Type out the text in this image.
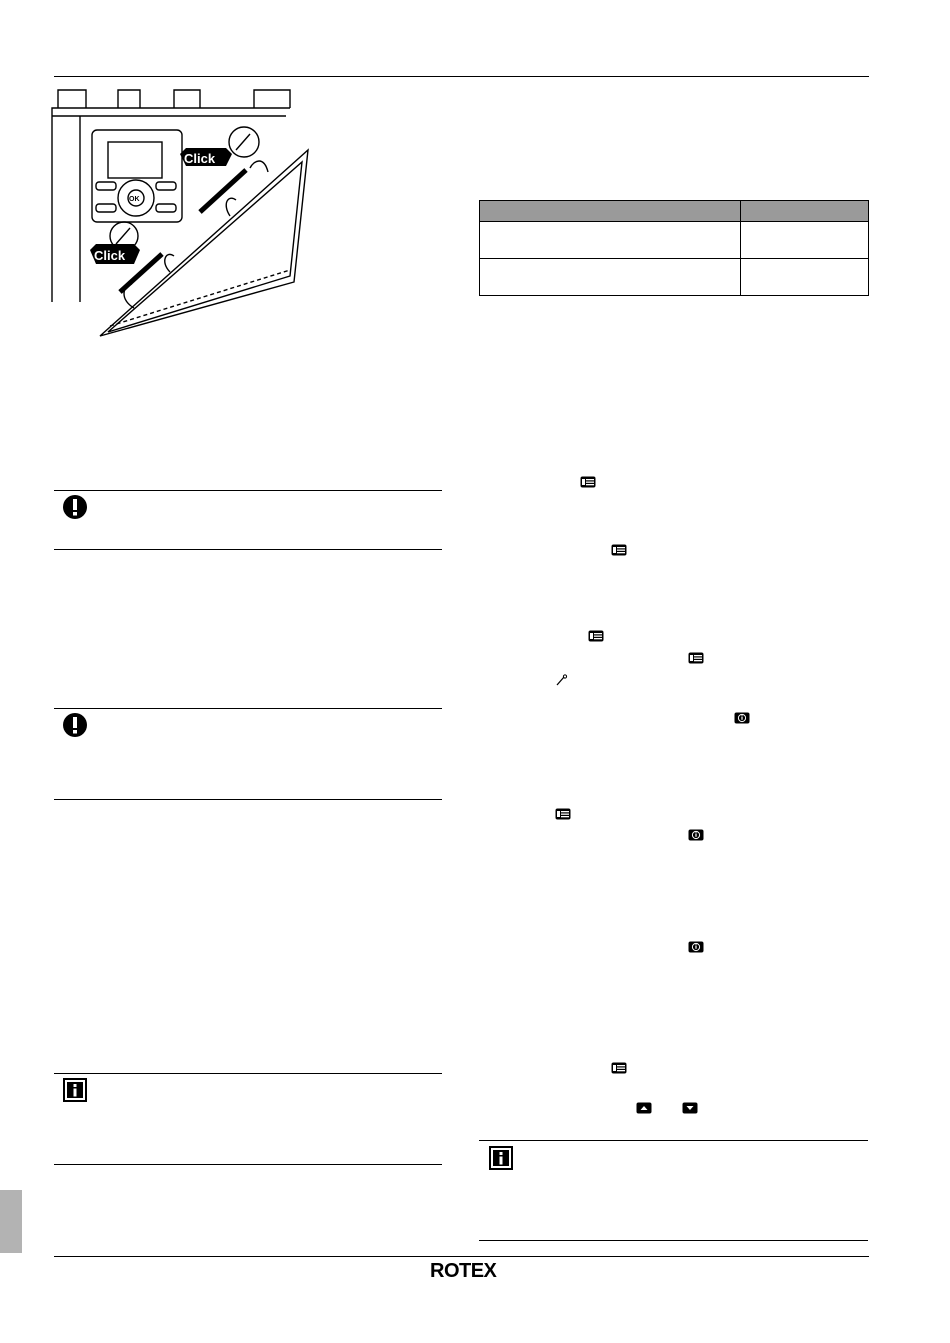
Click
Click
OK

ROTEX
